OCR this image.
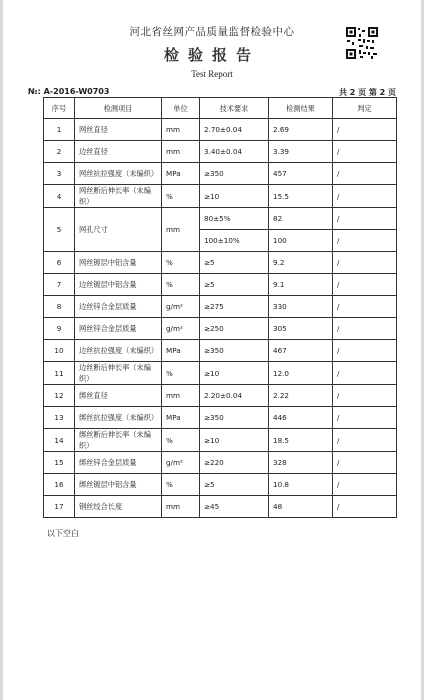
河北省丝网产品质量监督检验中心
检验报告
Test Report
№: A-2016-W0703	共 2 页 第 2 页
序号	检测项目	单位	技术要求	检测结果	判定
1	网丝直径	mm	2.70±0.04	2.69	/
2	边丝直径	mm	3.40±0.04	3.39	/
3	网丝抗拉强度（未编织）	MPa	≥350	457	/
4	网丝断后伸长率（未编织）	%	≥10	15.5	/
5	网孔尺寸	mm	80±5%	82	/
			100±10%	100	/
6	网丝镀层中铝含量	%	≥5	9.2	/
7	边丝镀层中铝含量	%	≥5	9.1	/
8	边丝锌合金层质量	g/m²	≥275	330	/
9	网丝锌合金层质量	g/m²	≥250	305	/
10	边丝抗拉强度（未编织）	MPa	≥350	467	/
11	边丝断后伸长率（未编织）	%	≥10	12.0	/
12	绑丝直径	mm	2.20±0.04	2.22	/
13	绑丝抗拉强度（未编织）	MPa	≥350	446	/
14	绑丝断后伸长率（未编织）	%	≥10	18.5	/
15	绑丝锌合金层质量	g/m²	≥220	328	/
16	绑丝镀层中铝含量	%	≥5	10.8	/
17	钢丝绞合长度	mm	≥45	48	/
以下空白
